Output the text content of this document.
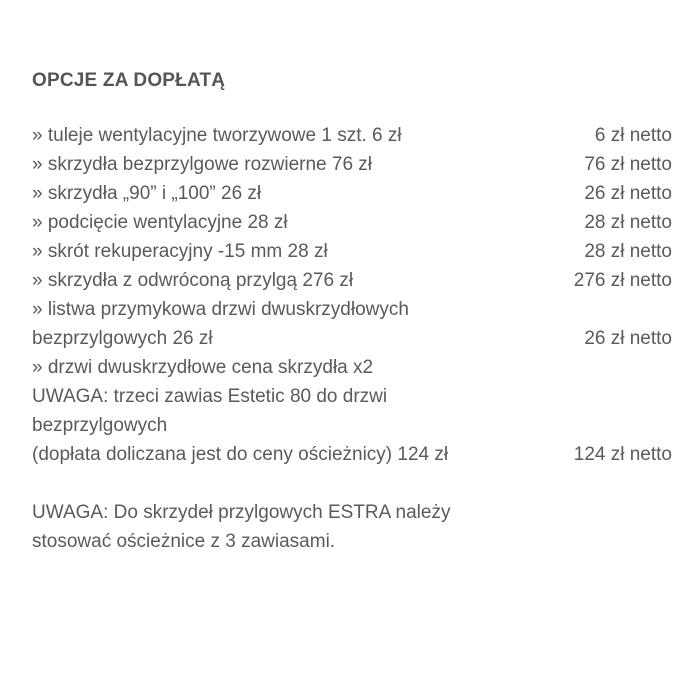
OPCJE ZA DOPŁATĄ
» tuleje wentylacyjne tworzywowe 1 szt. 6 zł	6 zł netto
» skrzydła bezprzylgowe rozwierne 76 zł	76 zł netto
» skrzydła „90” i „100” 26 zł	26 zł netto
» podcięcie wentylacyjne 28 zł	28 zł netto
» skrót rekuperacyjny -15 mm 28 zł	28 zł netto
» skrzydła z odwróconą przylgą 276 zł	276 zł netto
» listwa przymykowa drzwi dwuskrzydłowych
bezprzylgowych 26 zł	26 zł netto
» drzwi dwuskrzydłowe cena skrzydła x2
UWAGA: trzeci zawias Estetic 80 do drzwi
bezprzylgowych
(dopłata doliczana jest do ceny ościeżnicy) 124 zł	124 zł netto
UWAGA: Do skrzydeł przylgowych ESTRA należy
stosować ościeżnice z 3 zawiasami.
